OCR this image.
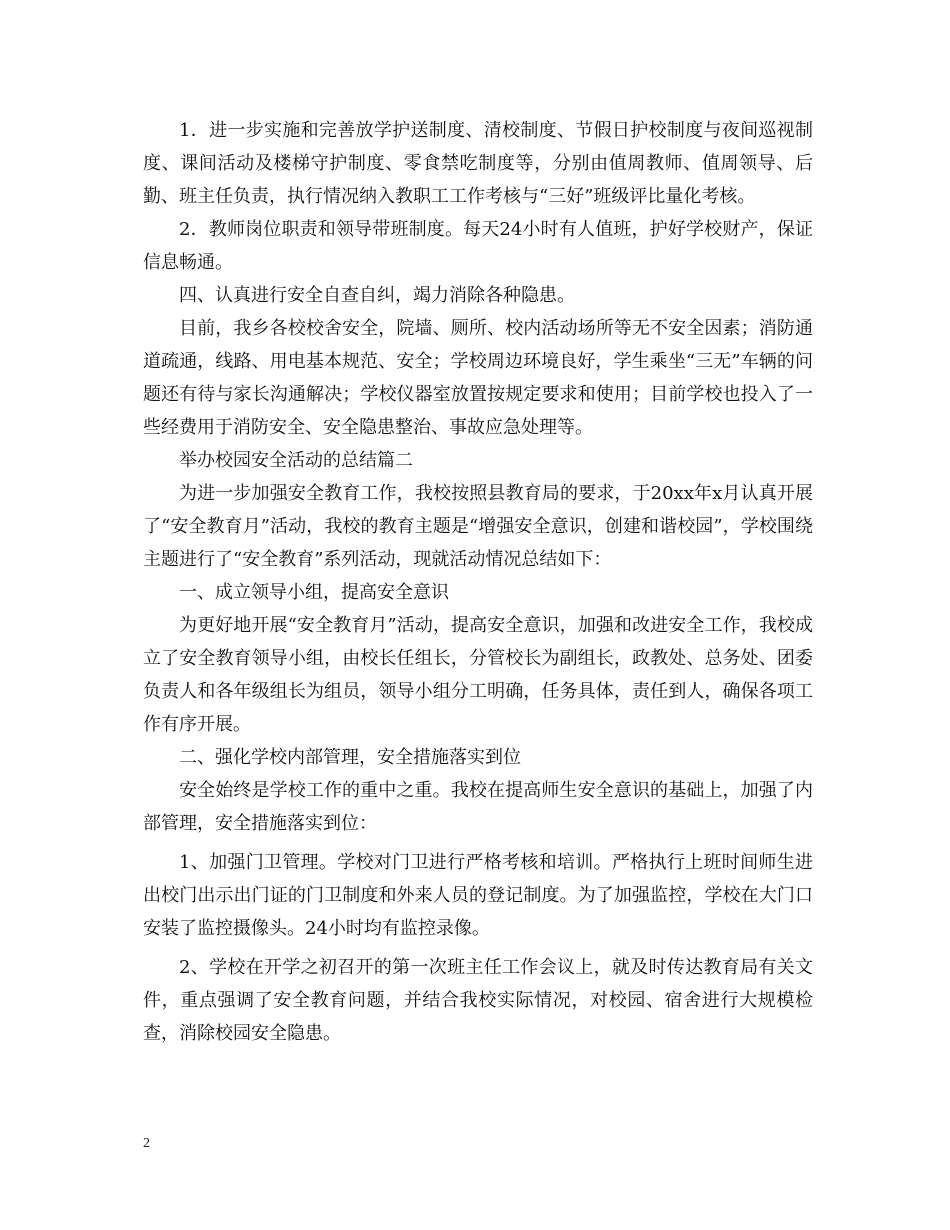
1．进一步实施和完善放学护送制度、清校制度、节假日护校制度与夜间巡视制度、课间活动及楼梯守护制度、零食禁吃制度等，分别由值周教师、值周领导、后勤、班主任负责，执行情况纳入教职工工作考核与“三好”班级评比量化考核。

2．教师岗位职责和领导带班制度。每天24小时有人值班，护好学校财产，保证信息畅通。

四、认真进行安全自查自纠，竭力消除各种隐患。

目前，我乡各校校舍安全，院墙、厕所、校内活动场所等无不安全因素；消防通道疏通，线路、用电基本规范、安全；学校周边环境良好，学生乘坐“三无”车辆的问题还有待与家长沟通解决；学校仪器室放置按规定要求和使用；目前学校也投入了一些经费用于消防安全、安全隐患整治、事故应急处理等。

举办校园安全活动的总结篇二

为进一步加强安全教育工作，我校按照县教育局的要求，于20xx年x月认真开展了“安全教育月”活动，我校的教育主题是“增强安全意识，创建和谐校园”，学校围绕主题进行了“安全教育”系列活动，现就活动情况总结如下：

一、成立领导小组，提高安全意识

为更好地开展“安全教育月”活动，提高安全意识，加强和改进安全工作，我校成立了安全教育领导小组，由校长任组长，分管校长为副组长，政教处、总务处、团委负责人和各年级组长为组员，领导小组分工明确，任务具体，责任到人，确保各项工作有序开展。

二、强化学校内部管理，安全措施落实到位

安全始终是学校工作的重中之重。我校在提高师生安全意识的基础上，加强了内部管理，安全措施落实到位：

1、加强门卫管理。学校对门卫进行严格考核和培训。严格执行上班时间师生进出校门出示出门证的门卫制度和外来人员的登记制度。为了加强监控，学校在大门口安装了监控摄像头。24小时均有监控录像。

2、学校在开学之初召开的第一次班主任工作会议上，就及时传达教育局有关文件，重点强调了安全教育问题，并结合我校实际情况，对校园、宿舍进行大规模检查，消除校园安全隐患。

2
